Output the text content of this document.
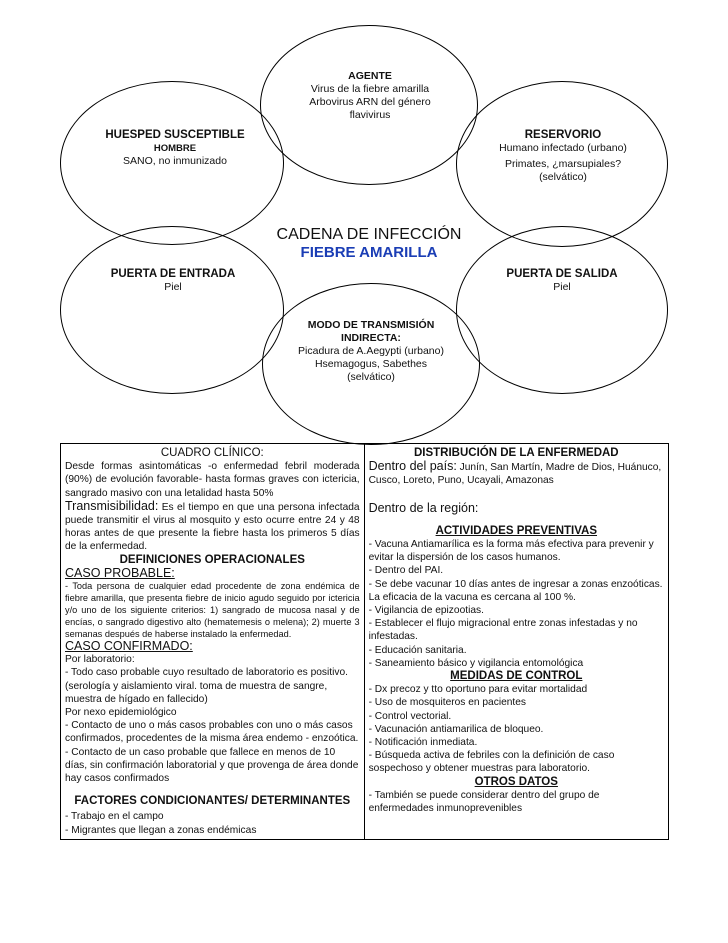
AGENTE
Virus de la fiebre amarilla
Arbovirus ARN del género
flavivirus
HUESPED SUSCEPTIBLE
HOMBRE
SANO, no inmunizado
RESERVORIO
Humano infectado (urbano)
Primates, ¿marsupiales?
(selvático)
CADENA DE INFECCIÓN
FIEBRE AMARILLA
PUERTA DE ENTRADA
Piel
PUERTA DE SALIDA
Piel
MODO DE TRANSMISIÓN
INDIRECTA:
Picadura de A.Aegypti (urbano)
Hsemagogus, Sabethes
(selvático)
CUADRO CLÍNICO:

Desde formas asintomáticas -o enfermedad febril moderada (90%) de evolución favorable- hasta formas graves con ictericia, sangrado masivo con una letalidad hasta 50%

Transmisibilidad: Es el tiempo en que una persona infectada puede transmitir el virus al mosquito y esto ocurre entre 24 y 48 horas antes de que presente la fiebre hasta los primeros 5 días de la enfermedad.

DEFINICIONES OPERACIONALES
CASO PROBABLE:

- Toda persona de cualquier edad procedente de zona endémica de fiebre amarilla, que presenta fiebre de inicio agudo seguido por ictericia y/o uno de los siguiente criterios: 1) sangrado de mucosa nasal y de encías, o sangrado digestivo alto (hematemesis o melena); 2) muerte 3 semanas después de haberse instalado la enfermedad.

CASO CONFIRMADO:
Por laboratorio:
- Todo caso probable cuyo resultado de laboratorio es positivo. (serología y aislamiento viral. toma de muestra de sangre, muestra de hígado en fallecido)
Por nexo epidemiológico
- Contacto de uno o más casos probables con uno o más casos confirmados, procedentes de la misma área endemo - enzoótica.
- Contacto de un caso probable que fallece en menos de 10 días, sin confirmación laboratorial y que provenga de área donde hay casos confirmados
FACTORES CONDICIONANTES/ DETERMINANTES
- Trabajo en el campo
- Migrantes que llegan a zonas endémicas

DISTRIBUCIÓN DE LA ENFERMEDAD

Dentro del país: Junín, San Martín, Madre de Dios, Huánuco, Cusco, Loreto, Puno, Ucayali, Amazonas

Dentro de la región:
ACTIVIDADES PREVENTIVAS
- Vacuna Antiamarílica es la forma más efectiva para prevenir y evitar la dispersión de los casos humanos.
- Dentro del PAI.
- Se debe vacunar 10 días antes de ingresar a zonas enzoóticas. La eficacia de la vacuna es cercana al 100 %.
- Vigilancia de epizootias.
- Establecer el flujo migracional entre zonas infestadas y no infestadas.
- Educación sanitaria.
- Saneamiento básico y vigilancia entomológica
MEDIDAS DE CONTROL
- Dx precoz y tto oportuno para evitar mortalidad
- Uso de mosquiteros en pacientes
- Control vectorial.
- Vacunación antiamarilica de bloqueo.
- Notificación inmediata.
- Búsqueda activa de febriles con la definición de caso sospechoso y obtener muestras para laboratorio.
OTROS DATOS
- También se puede considerar dentro del grupo de enfermedades inmunoprevenibles
